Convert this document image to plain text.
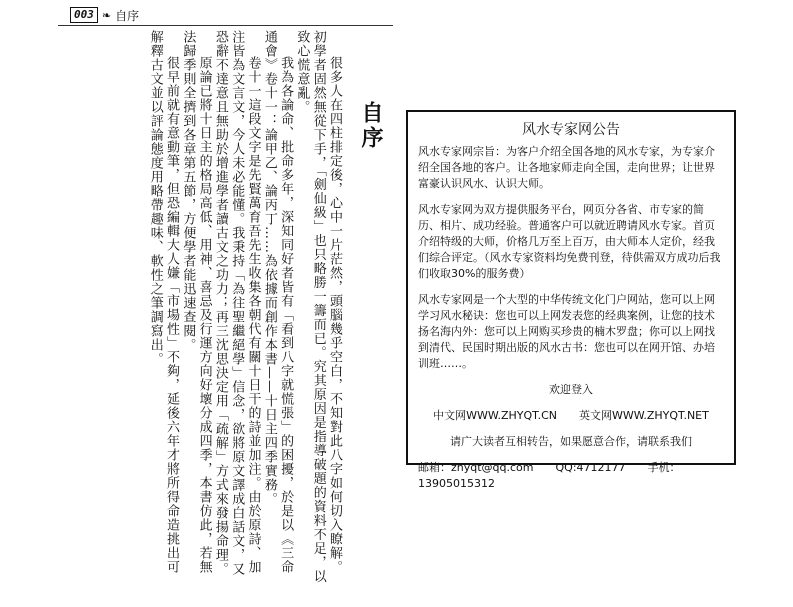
003 ❧ 自序
自序

很多人在四柱排定後，心中一片茫然，頭腦幾乎空白，不知對此八字如何切入瞭解。初學者固然無從下手，「劍仙級」也只略勝一籌而已。究其原因是指導破題的資料不足，以致心慌意亂。

我為各論命、批命多年，深知同好者皆有「看到八字就慌張」的困擾，於是以《三命通會》卷十一：論甲乙、論丙丁……為依據而創作本書——十日主四季實務。

卷十一這段文字是先賢萬育吾先生收集各朝代有關十日干的詩並加注。由於原詩、加注皆為文言文，今人未必能懂。我秉持「為往聖繼絕學」信念，欲將原文譯成白話文，又恐辭不達意且無助於增進學者讀古文之功力；再三沈思決定用「疏解」方式來發揚命理。

原論已將十日主的格局高低、用神、喜忌及行運方向好壞分成四季，本書仿此，若無法歸季則全擠到各章第五節，方便學者能迅速查閱。

很早前就有意動筆，但恐編輯大人嫌「市場性」不夠，延後六年才將所得命造挑出可解釋古文並以評論態度用略帶趣味、軟性之筆調寫出。	风水专家网公告

风水专家网宗旨：为客户介绍全国各地的风水专家，为专家介绍全国各地的客户。让各地家师走向全国，走向世界；让世界富豪认识风水、认识大师。

风水专家网为双方提供服务平台，网页分各省、市专家的简历、相片、成功经验。普通客户可以就近聘请风水专家。首页介绍特级的大师，价格几万至上百万，由大师本人定价，经我们综合评定。（风水专家资料均免费刊登，待供需双方成功后我们收取30%的服务费）

风水专家网是一个大型的中华传统文化门户网站，您可以上网学习风水秘诀：您也可以上网发表您的经典案例，让您的技术扬名海内外：您可以上网购买珍贵的楠木罗盘；你可以上网找到清代、民国时期出版的风水古书：您也可以在网开馆、办培训班……。

欢迎登入

中文网WWW.ZHYQT.CN　　英文网WWW.ZHYQT.NET

请广大读者互相转告，如果愿意合作，请联系我们

邮箱：zhyqt@qq.com　　QQ:4712177　　手机：13905015312
